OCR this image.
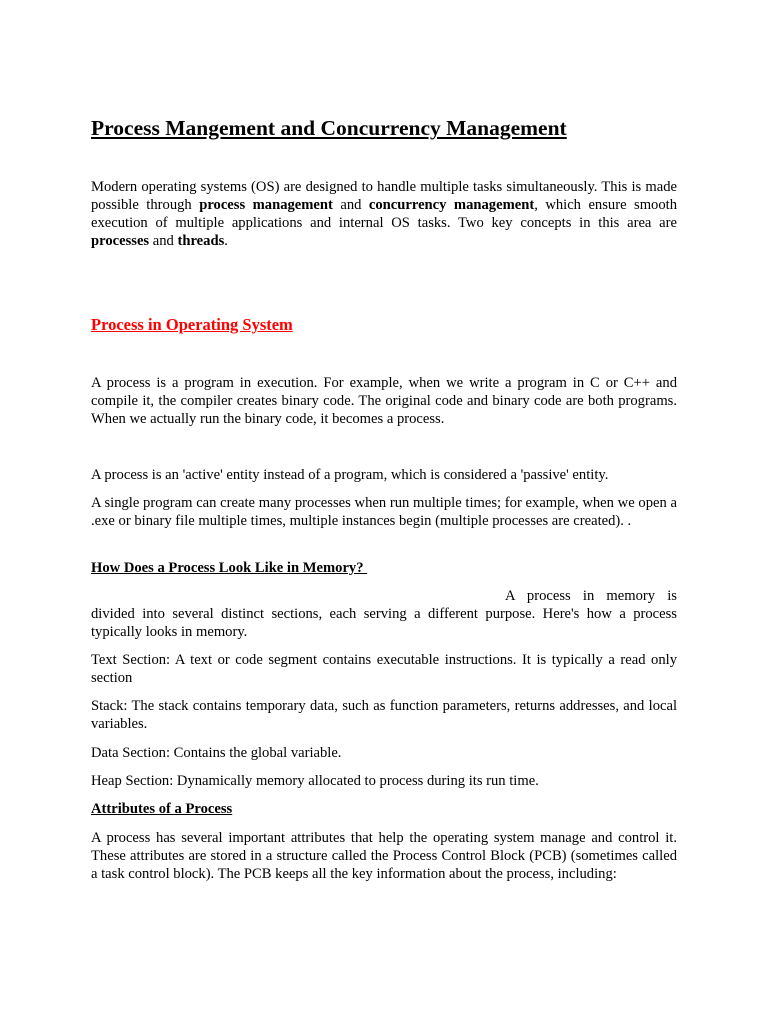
Process Mangement and Concurrency Management

Modern operating systems (OS) are designed to handle multiple tasks simultaneously. This is made possible through process management and concurrency management, which ensure smooth execution of multiple applications and internal OS tasks. Two key concepts in this area are processes and threads.

Process in Operating System

A process is a program in execution. For example, when we write a program in C or C++ and compile it, the compiler creates binary code. The original code and binary code are both programs. When we actually run the binary code, it becomes a process.

A process is an 'active' entity instead of a program, which is considered a 'passive' entity.

A single program can create many processes when run multiple times; for example, when we open a .exe or binary file multiple times, multiple instances begin (multiple processes are created). .

How Does a Process Look Like in Memory?

A process in memory is divided into several distinct sections, each serving a different purpose. Here's how a process typically looks in memory.

Text Section: A text or code segment contains executable instructions. It is typically a read only section

Stack: The stack contains temporary data, such as function parameters, returns addresses, and local variables.

Data Section: Contains the global variable.

Heap Section: Dynamically memory allocated to process during its run time.

Attributes of a Process

A process has several important attributes that help the operating system manage and control it. These attributes are stored in a structure called the Process Control Block (PCB) (sometimes called a task control block). The PCB keeps all the key information about the process, including:
